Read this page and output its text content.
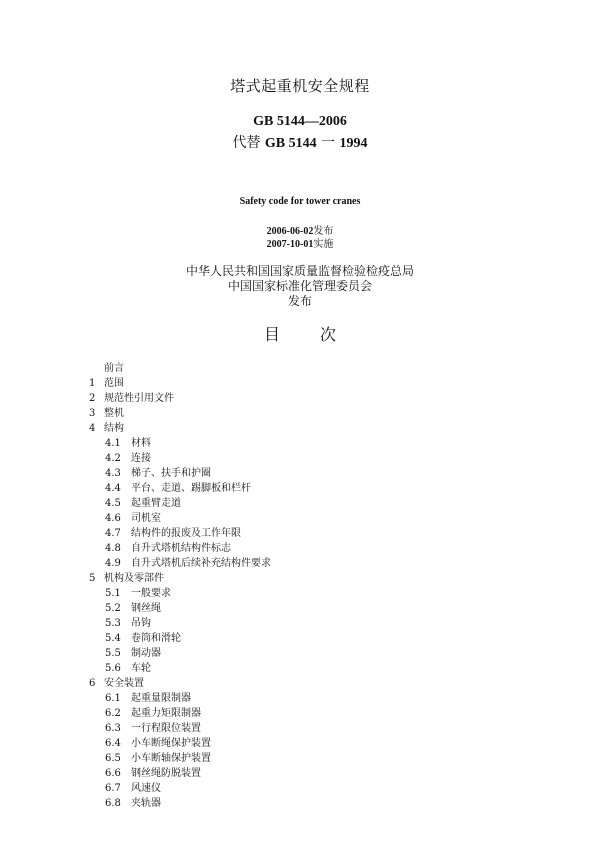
塔式起重机安全规程
GB 5144—2006
代替 GB 5144 一 1994
Safety code for tower cranes
2006-06-02发布
2007-10-01实施
中华人民共和国国家质量监督检验检疫总局
中国国家标准化管理委员会
发布
目	次
前言
1 范围
2 规范性引用文件
3 整机
4 结构
4.1 材料
4.2 连接
4.3 梯子、扶手和护圈
4.4 平台、走道、踢脚板和栏杆
4.5 起重臂走道
4.6 司机室
4.7 结构件的报废及工作年限
4.8 自升式塔机结构件标志
4.9 自升式塔机后续补充结构件要求
5 机构及零部件
5.1 一般要求
5.2 钢丝绳
5.3 吊钩
5.4 卷筒和滑轮
5.5 制动器
5.6 车轮
6 安全装置
6.1 起重量限制器
6.2 起重力矩限制器
6.3 一行程限位装置
6.4 小车断绳保护装置
6.5 小车断轴保护装置
6.6 钢丝绳防脱装置
6.7 风速仪
6.8 夹轨器
